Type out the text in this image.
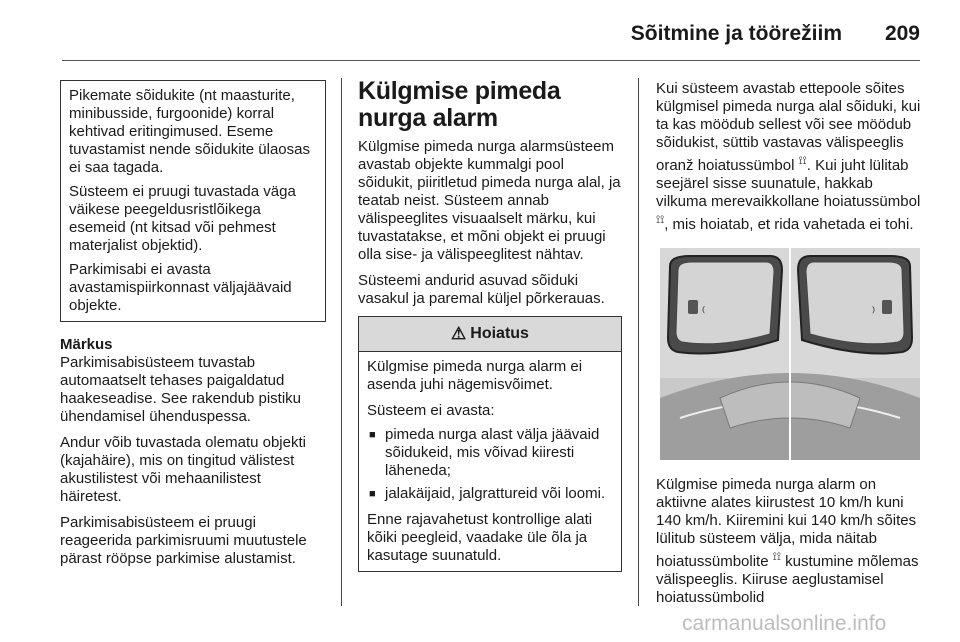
Sõitmine ja töörežiim 209

Pikemate sõidukite (nt maasturite, minibusside, furgoonide) korral kehtivad eritingimused. Eseme tuvastamist nende sõidukite ülaosas ei saa tagada.

Süsteem ei pruugi tuvastada väga väikese peegeldusristlõikega esemeid (nt kitsad või pehmest materjalist objektid).

Parkimisabi ei avasta avastamispiirkonnast väljajäävaid objekte.

Märkus

Parkimisabisüsteem tuvastab automaatselt tehases paigaldatud haakeseadise. See rakendub pistiku ühendamisel ühenduspessa.

Andur võib tuvastada olematu objekti (kajahäire), mis on tingitud välistest akustilistest või mehaanilistest häiretest.

Parkimisabisüsteem ei pruugi reageerida parkimisruumi muutustele pärast rööpse parkimise alustamist.

Külgmise pimeda nurga alarm

Külgmise pimeda nurga alarmsüsteem avastab objekte kummalgi pool sõidukit, piiritletud pimeda nurga alal, ja teatab neist. Süsteem annab välispeeglites visuaalselt märku, kui tuvastatakse, et mõni objekt ei pruugi olla sise- ja välispeeglitest nähtav.

Süsteemi andurid asuvad sõiduki vasakul ja paremal küljel põrkerauas.

⚠ Hoiatus

Külgmise pimeda nurga alarm ei asenda juhi nägemisvõimet.

Süsteem ei avasta:

■ pimeda nurga alast välja jäävaid sõidukeid, mis võivad kiiresti läheneda;
■ jalakäijaid, jalgrattureid või loomi.

Enne rajavahetust kontrollige alati kõiki peegleid, vaadake üle õla ja kasutage suunatuld.

Kui süsteem avastab ettepoole sõites külgmisel pimeda nurga alal sõiduki, kui ta kas möödub sellest või see möödub sõidukist, süttib vastavas välispeeglis oranž hoiatussümbol ⟟⟟. Kui juht lülitab seejärel sisse suunatule, hakkab vilkuma merevaikkollane hoiatussümbol ⟟⟟, mis hoiatab, et rida vahetada ei tohi.

⦅	⦆

Külgmise pimeda nurga alarm on aktiivne alates kiirustest 10 km/h kuni 140 km/h. Kiiremini kui 140 km/h sõites lülitub süsteem välja, mida näitab hoiatussümbolite ⟟⟟ kustumine mõlemas välispeeglis. Kiiruse aeglustamisel hoiatussümbolid

carmanualsonline.info
